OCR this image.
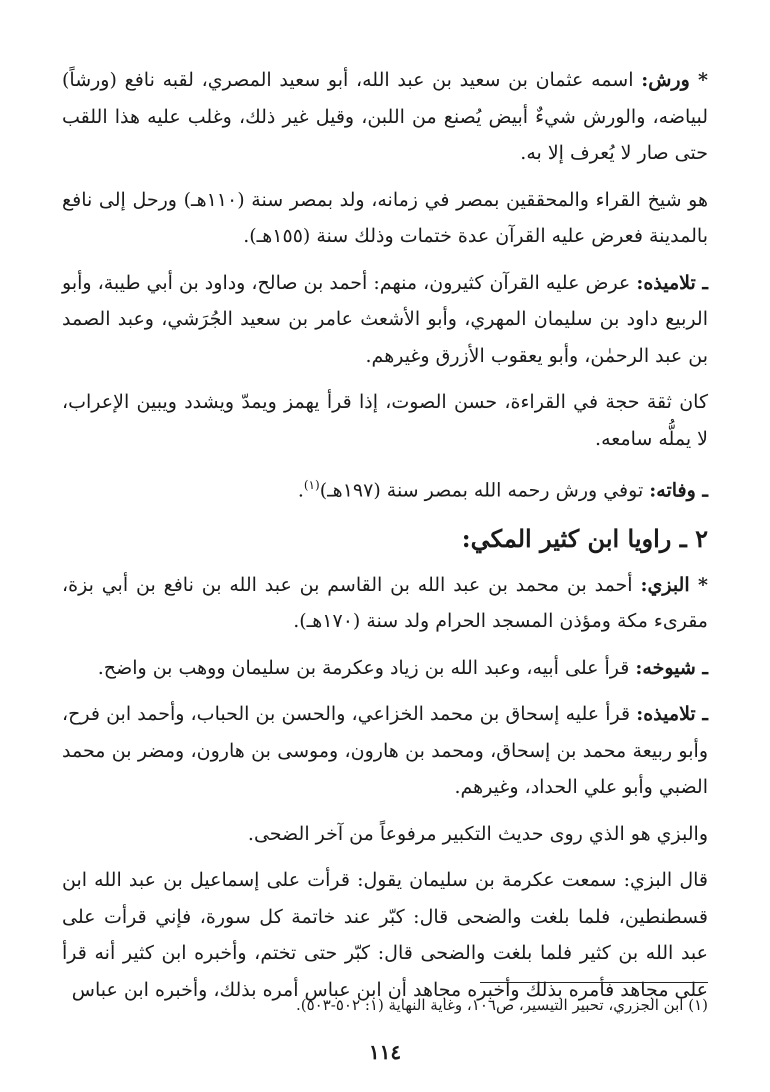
* ورش: اسمه عثمان بن سعيد بن عبد الله، أبو سعيد المصري، لقبه نافع (ورشاً) لبياضه، والورش شيءٌ أبيض يُصنع من اللبن، وقيل غير ذلك، وغلب عليه هذا اللقب حتى صار لا يُعرف إلا به.

هو شيخ القراء والمحققين بمصر في زمانه، ولد بمصر سنة (١١٠هـ) ورحل إلى نافع بالمدينة فعرض عليه القرآن عدة ختمات وذلك سنة (١٥٥هـ).

ـ تلاميذه: عرض عليه القرآن كثيرون، منهم: أحمد بن صالح، وداود بن أبي طيبة، وأبو الربيع داود بن سليمان المهري، وأبو الأشعث عامر بن سعيد الجُرَشي، وعبد الصمد بن عبد الرحمٰن، وأبو يعقوب الأزرق وغيرهم.

كان ثقة حجة في القراءة، حسن الصوت، إذا قرأ يهمز ويمدّ ويشدد ويبين الإعراب، لا يملُّه سامعه.

ـ وفاته: توفي ورش رحمه الله بمصر سنة (١٩٧هـ)$^{(١)}$.

٢ ـ راويا ابن كثير المكي:

* البزي: أحمد بن محمد بن عبد الله بن القاسم بن عبد الله بن نافع بن أبي بزة، مقرىء مكة ومؤذن المسجد الحرام ولد سنة (١٧٠هـ).

ـ شيوخه: قرأ على أبيه، وعبد الله بن زياد وعكرمة بن سليمان ووهب بن واضح.

ـ تلاميذه: قرأ عليه إسحاق بن محمد الخزاعي، والحسن بن الحباب، وأحمد ابن فرح، وأبو ربيعة محمد بن إسحاق، ومحمد بن هارون، وموسى بن هارون، ومضر بن محمد الضبي وأبو علي الحداد، وغيرهم.

والبزي هو الذي روى حديث التكبير مرفوعاً من آخر الضحى.

قال البزي: سمعت عكرمة بن سليمان يقول: قرأت على إسماعيل بن عبد الله ابن قسطنطين، فلما بلغت والضحى قال: كبّر عند خاتمة كل سورة، فإني قرأت على عبد الله بن كثير فلما بلغت والضحى قال: كبّر حتى تختم، وأخبره ابن كثير أنه قرأ على مجاهد فأمره بذلك وأخبره مجاهد أن ابن عباس أمره بذلك، وأخبره ابن عباس

(١) ابن الجزري، تحبير التيسير، ص١٠٦، وغاية النهاية (١: ٥٠٢-٥٠٣).
١١٤
